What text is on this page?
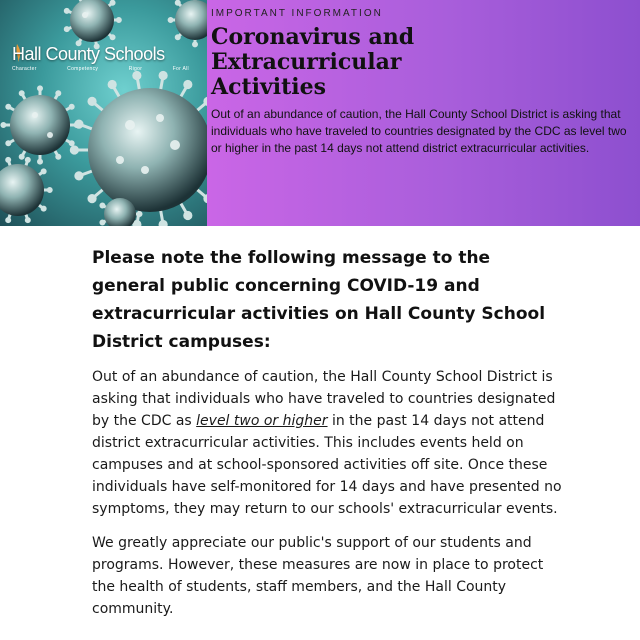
Hall County Schools
Character	Competency	Rigor	For All
IMPORTANT INFORMATION
Coronavirus and
Extracurricular
Activities

Out of an abundance of caution, the Hall County School District is asking that individuals who have traveled to countries designated by the CDC as level two or higher in the past 14 days not attend district extracurricular activities.

Please note the following message to the general public concerning COVID-19 and extracurricular activities on Hall County School District campuses:

Out of an abundance of caution, the Hall County School District is asking that individuals who have traveled to countries designated by the CDC as level two or higher in the past 14 days not attend district extracurricular activities. This includes events held on campuses and at school-sponsored activities off site. Once these individuals have self-monitored for 14 days and have presented no symptoms, they may return to our schools' extracurricular events.

We greatly appreciate our public's support of our students and programs. However, these measures are now in place to protect the health of students, staff members, and the Hall County community.
